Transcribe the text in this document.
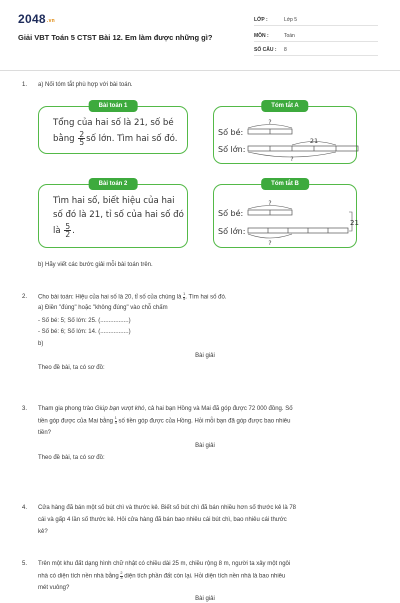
2048.vn
Giải VBT Toán 5 CTST Bài 12. Em làm được những gì?
LỚP :	Lớp 5
MÔN :	Toán
SỐ CÂU : 8
1. a) Nối tóm tắt phù hợp với bài toán.
Bài toán 1
Tổng của hai số là 21, số bé
bằng $\frac{2}{5}$ số lớn. Tìm hai số đó.
Tóm tắt A
Số bé:
Số lớn:
?
21
?
Bài toán 2
Tìm hai số, biết hiệu của hai
số đó là 21, tỉ số của hai số đó
là $\frac{5}{2}$ .
Tóm tắt B
Số bé:
Số lớn:
?
?
21
b) Hãy viết các bước giải mỗi bài toán trên.
2. Cho bài toán: Hiệu của hai số là 20, tỉ số của chúng là $\frac{1}{5}$. Tìm hai số đó.
a) Điền "đúng" hoặc "không đúng" vào chỗ chấm
- Số bé: 5; Số lớn: 25. (.................)
- Số bé: 6; Số lớn: 14. (.................)
b)
Bài giải
Theo đề bài, ta có sơ đồ:
3. Tham gia phong trào Giúp bạn vượt khó, cả hai bạn Hồng và Mai đã góp được 72 000 đồng. Số
tiền góp được của Mai bằng $\frac{1}{3}$ số tiền góp được của Hồng. Hỏi mỗi bạn đã góp được bao nhiêu
tiền?
Bài giải
Theo đề bài, ta có sơ đồ:
4. Cửa hàng đã bán một số bút chì và thước kẻ. Biết số bút chì đã bán nhiều hơn số thước kẻ là 78
cái và gấp 4 lần số thước kẻ. Hỏi cửa hàng đã bán bao nhiêu cái bút chì, bao nhiêu cái thước
kẻ?
5. Trên một khu đất dạng hình chữ nhật có chiều dài 25 m, chiều rộng 8 m, người ta xây một ngôi
nhà có diện tích nền nhà bằng $\frac{2}{3}$ diện tích phần đất còn lại. Hỏi diện tích nền nhà là bao nhiêu
mét vuông?
Bài giải
